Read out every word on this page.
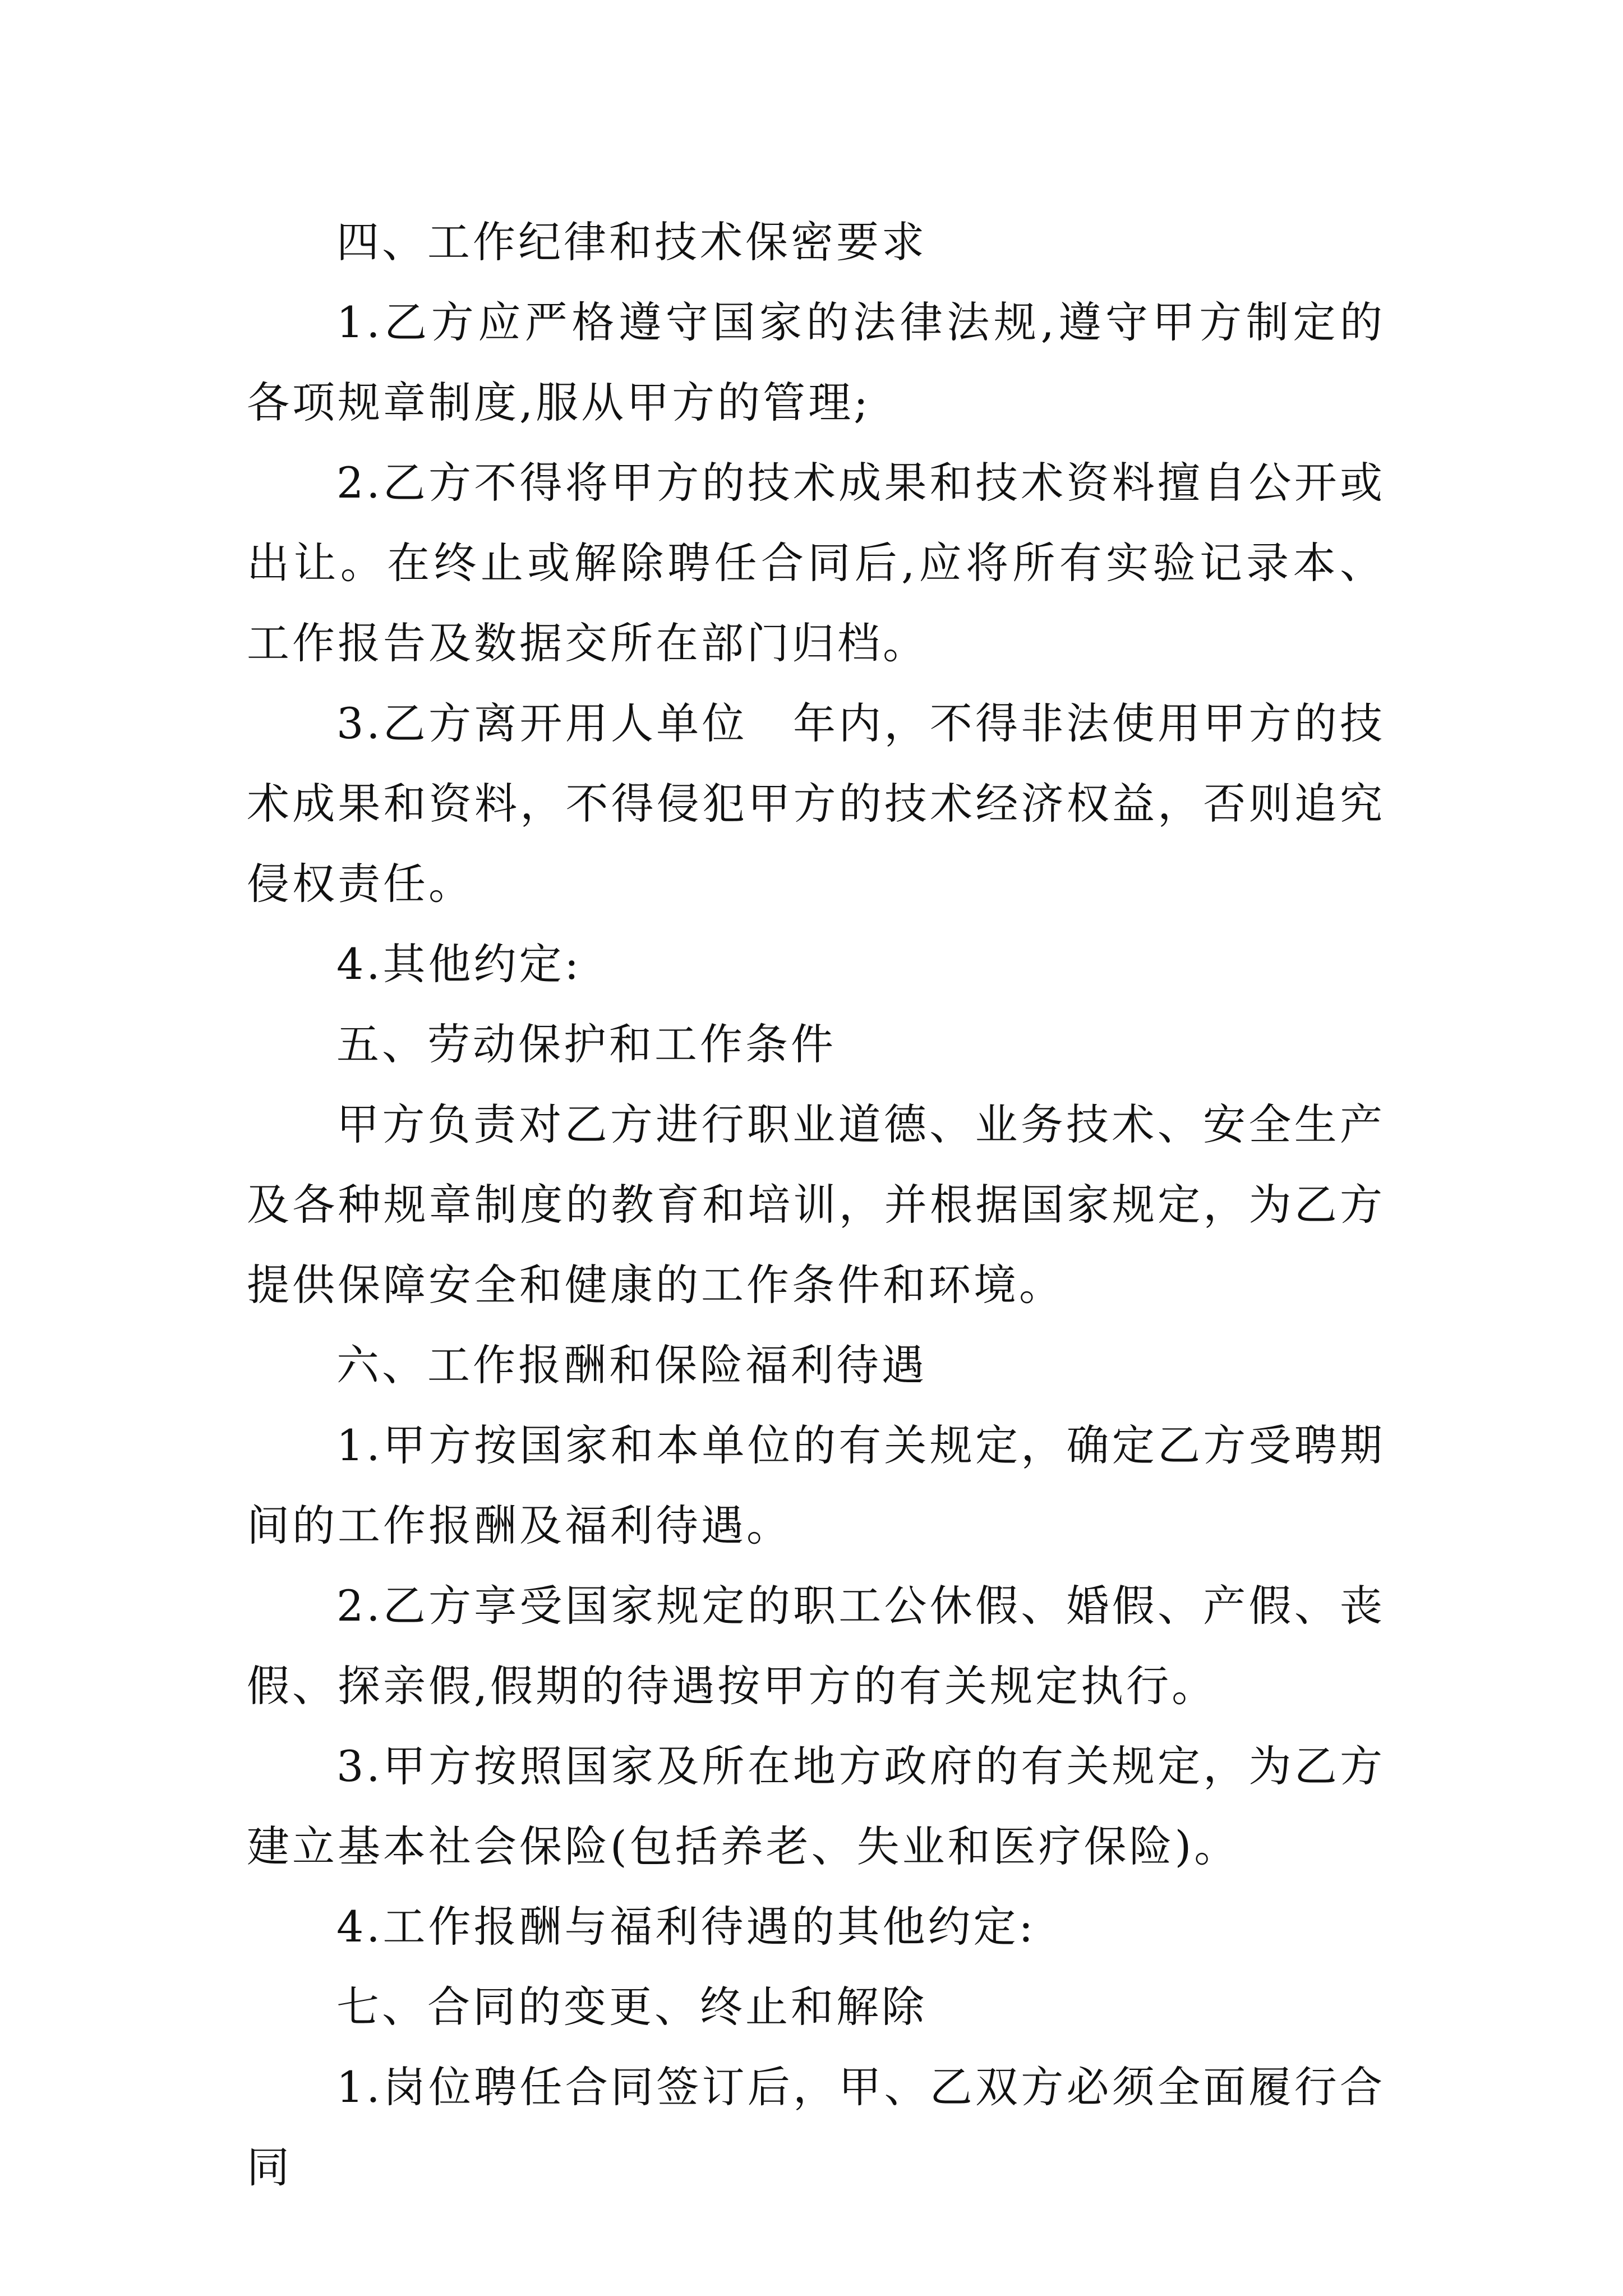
四、工作纪律和技术保密要求

1.乙方应严格遵守国家的法律法规,遵守甲方制定的各项规章制度,服从甲方的管理;

2.乙方不得将甲方的技术成果和技术资料擅自公开或出让。在终止或解除聘任合同后,应将所有实验记录本、工作报告及数据交所在部门归档。

3.乙方离开用人单位　年内，不得非法使用甲方的技术成果和资料，不得侵犯甲方的技术经济权益，否则追究侵权责任。

4.其他约定:

五、劳动保护和工作条件

甲方负责对乙方进行职业道德、业务技术、安全生产及各种规章制度的教育和培训，并根据国家规定，为乙方提供保障安全和健康的工作条件和环境。

六、工作报酬和保险福利待遇

1.甲方按国家和本单位的有关规定，确定乙方受聘期间的工作报酬及福利待遇。

2.乙方享受国家规定的职工公休假、婚假、产假、丧假、探亲假,假期的待遇按甲方的有关规定执行。

3.甲方按照国家及所在地方政府的有关规定，为乙方建立基本社会保险(包括养老、失业和医疗保险)。

4.工作报酬与福利待遇的其他约定:

七、合同的变更、终止和解除

1.岗位聘任合同签订后，甲、乙双方必须全面履行合同
